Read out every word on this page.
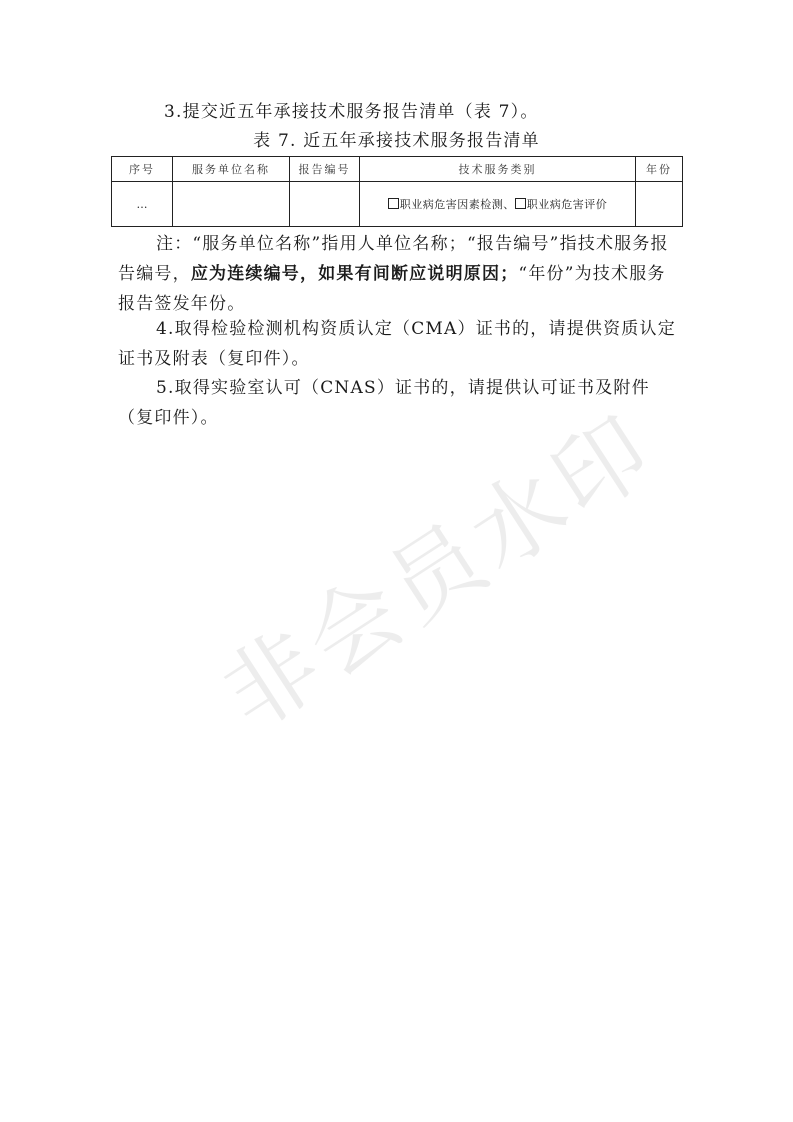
3.提交近五年承接技术服务报告清单（表 7）。
表 7. 近五年承接技术服务报告清单
序号	服务单位名称	报告编号	技术服务类别	年份
…			职业病危害因素检测、 职业病危害评价	
注：“服务单位名称”指用人单位名称；“报告编号”指技术服务报告编号，应为连续编号，如果有间断应说明原因；“年份”为技术服务报告签发年份。
4.取得检验检测机构资质认定（CMA）证书的，请提供资质认定证书及附表（复印件）。
5.取得实验室认可（CNAS）证书的，请提供认可证书及附件（复印件）。
非会员水印
